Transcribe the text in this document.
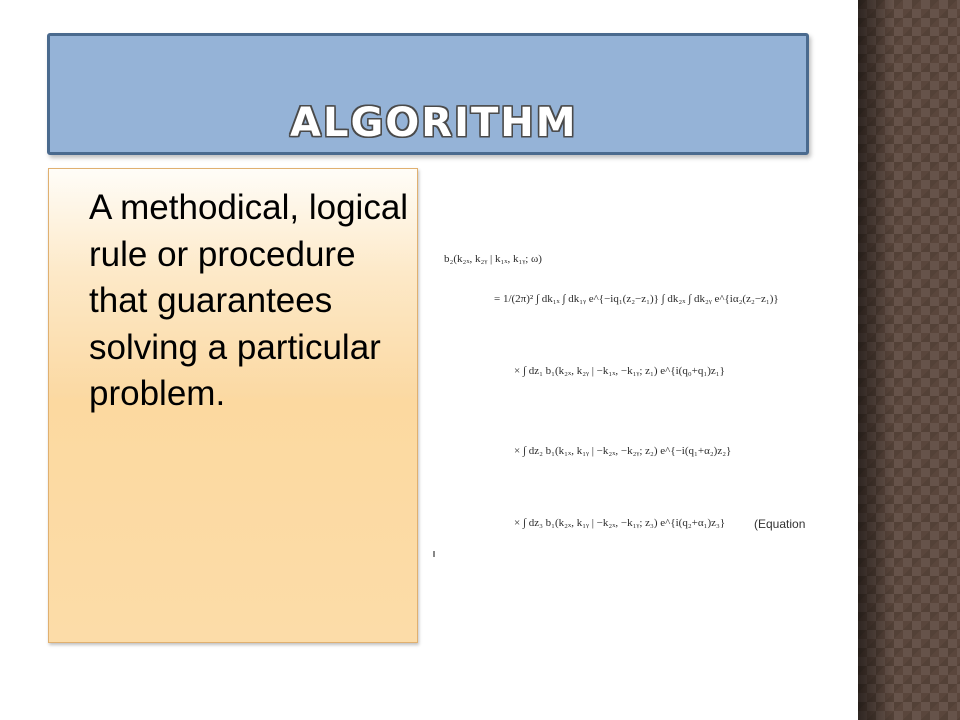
ALGORITHM
A methodical, logical rule or procedure that guarantees solving a particular problem.
b₂(k₂ₓ, k₂ᵧ | k₁ₓ, k₁ᵧ; ω)
= 1/(2π)² ∫ dk₁ₓ ∫ dk₁ᵧ e^{−iq₁(z₂−z₁)} ∫ dk₂ₓ ∫ dk₂ᵧ e^{iα₂(z₂−z₁)}
× ∫ dz₁ b₁(k₂ₓ, k₂ᵧ | −k₁ₓ, −k₁ᵧ; z₁) e^{i(q₀+q₁)z₁}
× ∫ dz₂ b₁(k₁ₓ, k₁ᵧ | −k₂ₓ, −k₂ᵧ; z₂) e^{−i(q₁+α₂)z₂}
× ∫ dz₃ b₁(k₂ₓ, k₁ᵧ | −k₂ₓ, −k₁ᵧ; z₃) e^{i(q₂+α₁)z₃} (Equation
